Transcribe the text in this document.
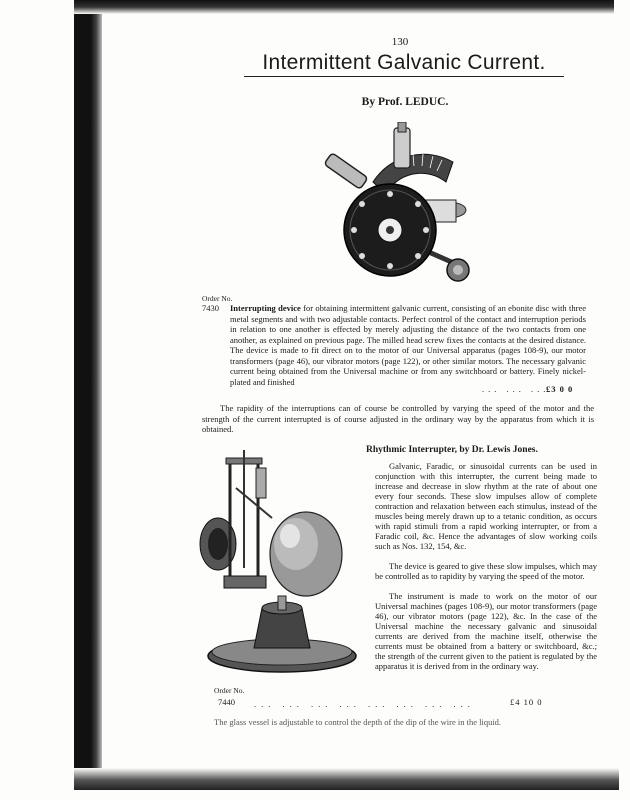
130
Intermittent Galvanic Current.
By Prof. LEDUC.
Order No.
7430	Interrupting device for obtaining intermittent galvanic current, consisting of an ebonite disc with three metal segments and with two adjustable contacts. Perfect control of the contact and interruption periods in relation to one another is effected by merely adjusting the distance of the two contacts from one another, as explained on previous page. The milled head screw fixes the contacts at the desired distance. The device is made to fit direct on to the motor of our Universal apparatus (pages 108-9), our motor transformers (page 46), our vibrator motors (page 122), or other similar motors. The necessary galvanic current being obtained from the Universal machine or from any switchboard or battery. Finely nickel-plated and finished
... ... ...
£3 0 0
The rapidity of the interruptions can of course be controlled by varying the speed of the motor and the strength of the current interrupted is of course adjusted in the ordinary way by the apparatus from which it is obtained.
Rhythmic Interrupter, by Dr. Lewis Jones.

Galvanic, Faradic, or sinusoidal currents can be used in conjunction with this interrupter, the current being made to increase and decrease in slow rhythm at the rate of about one every four seconds. These slow impulses allow of complete contraction and relaxation between each stimulus, instead of the muscles being merely drawn up to a tetanic condition, as occurs with rapid stimuli from a rapid working interrupter, or from a Faradic coil, &c. Hence the advantages of slow working coils such as Nos. 132, 154, &c.

The device is geared to give these slow impulses, which may be controlled as to rapidity by varying the speed of the motor.

The instrument is made to work on the motor of our Universal machines (pages 108-9), our motor transformers (page 46), our vibrator motors (page 122), &c. In the case of the Universal machine the necessary galvanic and sinusoidal currents are derived from the machine itself, otherwise the currents must be obtained from a battery or switchboard, &c.; the strength of the current given to the patient is regulated by the apparatus it is derived from in the ordinary way.

Order No.
7440 ... ... ... ... ... ... ... ...	£4 10 0
The glass vessel is adjustable to control the depth of the dip of the wire in the liquid.
